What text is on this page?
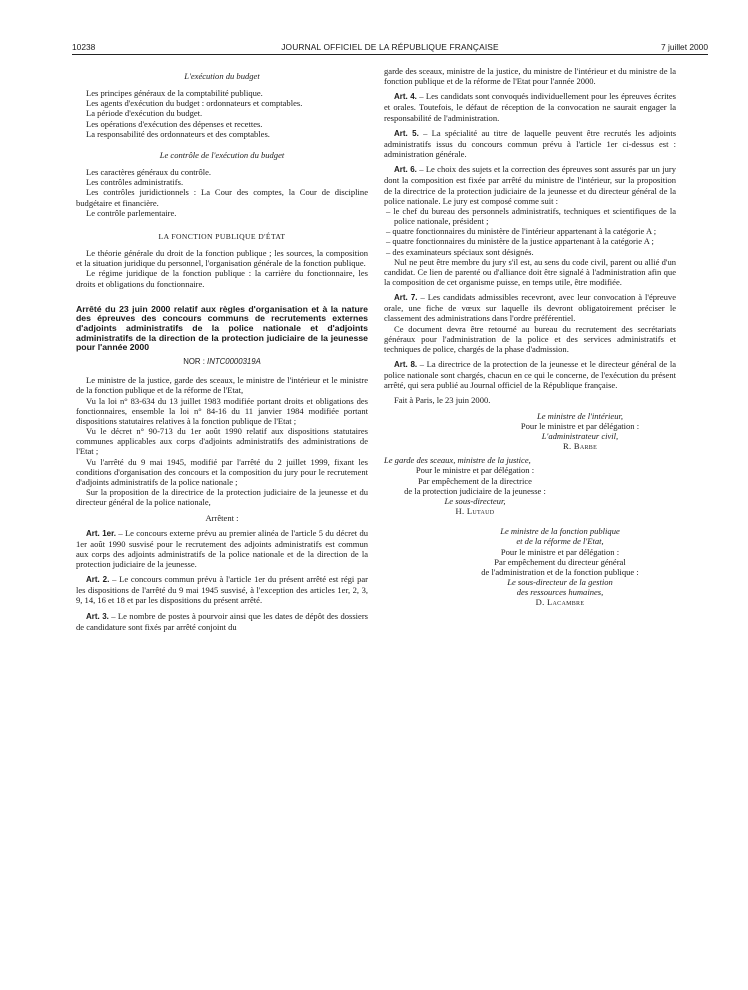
10238	JOURNAL OFFICIEL DE LA RÉPUBLIQUE FRANÇAISE	7 juillet 2000

L'exécution du budget

Les principes généraux de la comptabilité publique.

Les agents d'exécution du budget : ordonnateurs et comptables.

La période d'exécution du budget.

Les opérations d'exécution des dépenses et recettes.

La responsabilité des ordonnateurs et des comptables.

Le contrôle de l'exécution du budget

Les caractères généraux du contrôle.

Les contrôles administratifs.

Les contrôles juridictionnels : La Cour des comptes, la Cour de discipline budgétaire et financière.

Le contrôle parlementaire.

LA FONCTION PUBLIQUE D'ÉTAT

Le théorie générale du droit de la fonction publique ; les sources, la composition et la situation juridique du personnel, l'organisation générale de la fonction publique.

Le régime juridique de la fonction publique : la carrière du fonctionnaire, les droits et obligations du fonctionnaire.

Arrêté du 23 juin 2000 relatif aux règles d'organisation et à la nature des épreuves des concours communs de recrutements externes d'adjoints administratifs de la police nationale et d'adjoints administratifs de la direction de la protection judiciaire de la jeunesse pour l'année 2000

NOR : INTC0000319A

Le ministre de la justice, garde des sceaux, le ministre de l'intérieur et le ministre de la fonction publique et de la réforme de l'Etat,

Vu la loi n° 83-634 du 13 juillet 1983 modifiée portant droits et obligations des fonctionnaires, ensemble la loi n° 84-16 du 11 janvier 1984 modifiée portant dispositions statutaires relatives à la fonction publique de l'Etat ;

Vu le décret n° 90-713 du 1er août 1990 relatif aux dispositions statutaires communes applicables aux corps d'adjoints administratifs des administrations de l'Etat ;

Vu l'arrêté du 9 mai 1945, modifié par l'arrêté du 2 juillet 1999, fixant les conditions d'organisation des concours et la composition du jury pour le recrutement d'adjoints administratifs de la police nationale ;

Sur la proposition de la directrice de la protection judiciaire de la jeunesse et du directeur général de la police nationale,

Arrêtent :

Art. 1er. – Le concours externe prévu au premier alinéa de l'article 5 du décret du 1er août 1990 susvisé pour le recrutement des adjoints administratifs est commun aux corps des adjoints administratifs de la police nationale et de la direction de la protection judiciaire de la jeunesse.

Art. 2. – Le concours commun prévu à l'article 1er du présent arrêté est régi par les dispositions de l'arrêté du 9 mai 1945 susvisé, à l'exception des articles 1er, 2, 3, 9, 14, 16 et 18 et par les dispositions du présent arrêté.

Art. 3. – Le nombre de postes à pourvoir ainsi que les dates de dépôt des dossiers de candidature sont fixés par arrêté conjoint du

garde des sceaux, ministre de la justice, du ministre de l'intérieur et du ministre de la fonction publique et de la réforme de l'Etat pour l'année 2000.

Art. 4. – Les candidats sont convoqués individuellement pour les épreuves écrites et orales. Toutefois, le défaut de réception de la convocation ne saurait engager la responsabilité de l'administration.

Art. 5. – La spécialité au titre de laquelle peuvent être recrutés les adjoints administratifs issus du concours commun prévu à l'article 1er ci-dessus est : administration générale.

Art. 6. – Le choix des sujets et la correction des épreuves sont assurés par un jury dont la composition est fixée par arrêté du ministre de l'intérieur, sur la proposition de la directrice de la protection judiciaire de la jeunesse et du directeur général de la police nationale. Le jury est composé comme suit :

– le chef du bureau des personnels administratifs, techniques et scientifiques de la police nationale, président ;

– quatre fonctionnaires du ministère de l'intérieur appartenant à la catégorie A ;

– quatre fonctionnaires du ministère de la justice appartenant à la catégorie A ;

– des examinateurs spéciaux sont désignés.

Nul ne peut être membre du jury s'il est, au sens du code civil, parent ou allié d'un candidat. Ce lien de parenté ou d'alliance doit être signalé à l'administration afin que la composition de cet organisme puisse, en temps utile, être modifiée.

Art. 7. – Les candidats admissibles recevront, avec leur convocation à l'épreuve orale, une fiche de vœux sur laquelle ils devront obligatoirement préciser le classement des administrations dans l'ordre préférentiel.

Ce document devra être retourné au bureau du recrutement des secrétariats généraux pour l'administration de la police et des services administratifs et techniques de police, chargés de la phase d'admission.

Art. 8. – La directrice de la protection de la jeunesse et le directeur général de la police nationale sont chargés, chacun en ce qui le concerne, de l'exécution du présent arrêté, qui sera publié au Journal officiel de la République française.

Fait à Paris, le 23 juin 2000.

Le ministre de l'intérieur,

Pour le ministre et par délégation :

L'administrateur civil,

R. Barbe

Le garde des sceaux, ministre de la justice,

Pour le ministre et par délégation :

Par empêchement de la directrice

de la protection judiciaire de la jeunesse :

Le sous-directeur,

H. Lutaud

Le ministre de la fonction publique

et de la réforme de l'Etat,

Pour le ministre et par délégation :

Par empêchement du directeur général

de l'administration et de la fonction publique :

Le sous-directeur de la gestion

des ressources humaines,

D. Lacambre
